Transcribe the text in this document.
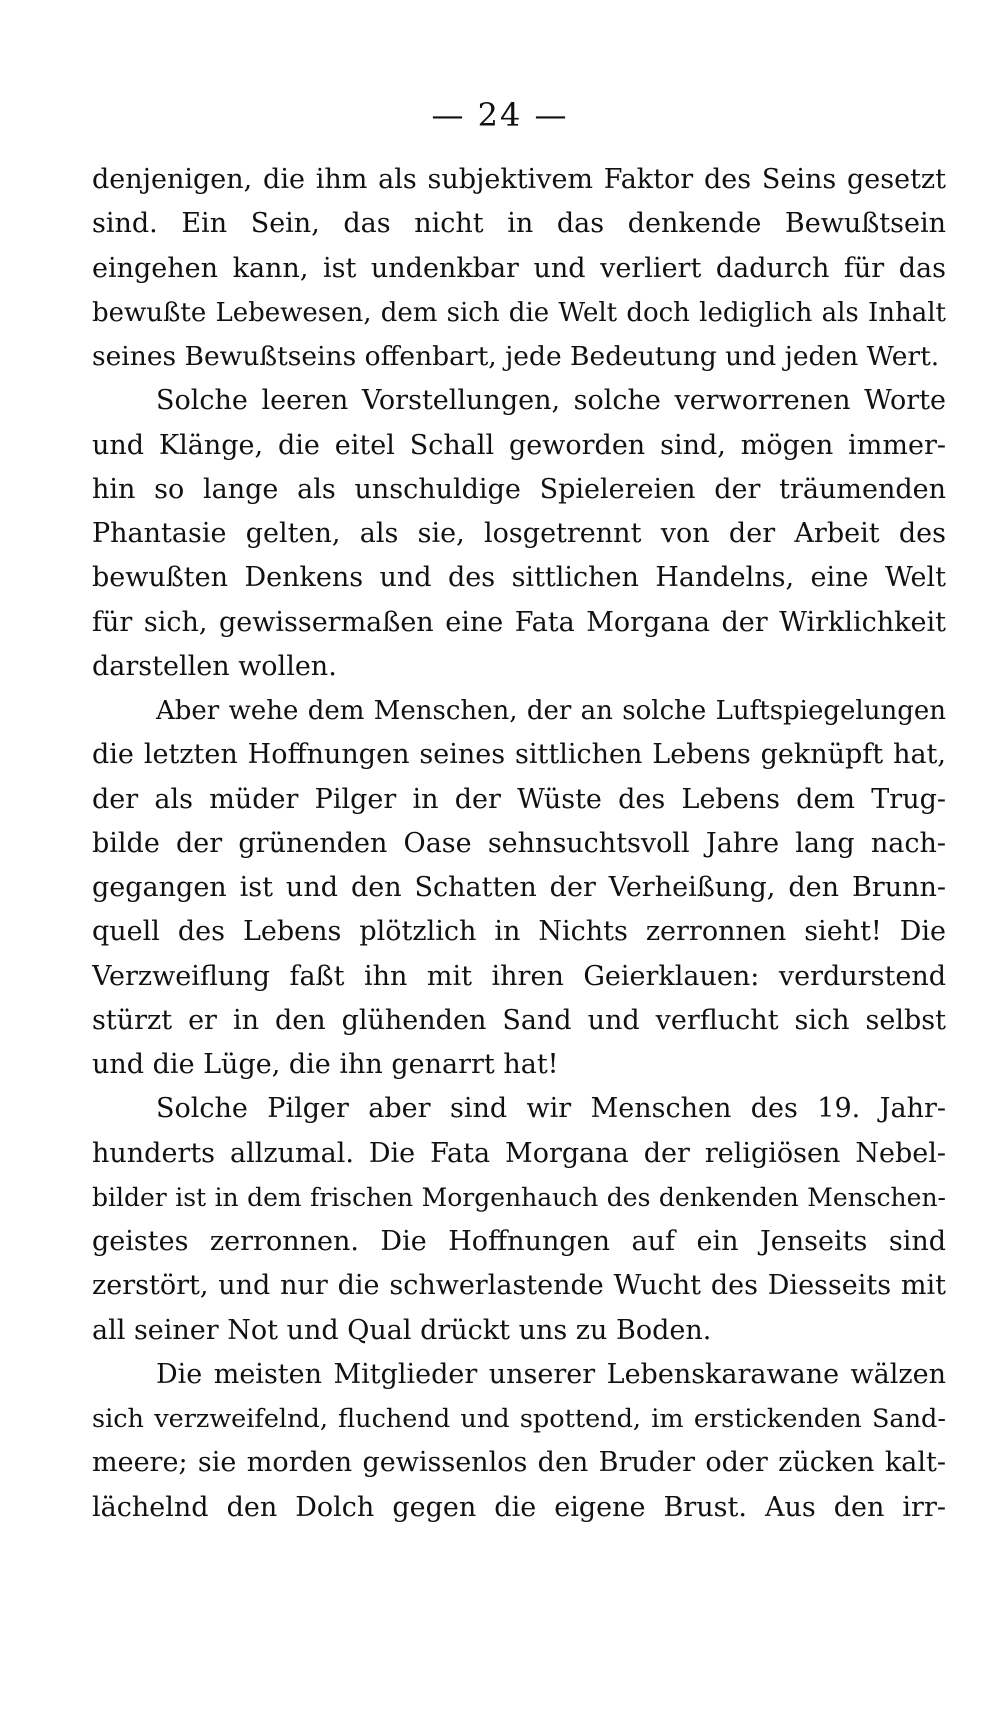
— 24 —
denjenigen, die ihm als subjektivem Faktor des Seins gesetzt
sind. Ein Sein, das nicht in das denkende Bewußtsein
eingehen kann, ist undenkbar und verliert dadurch für das
bewußte Lebewesen, dem sich die Welt doch lediglich als Inhalt
seines Bewußtseins offenbart, jede Bedeutung und jeden Wert.
Solche leeren Vorstellungen, solche verworrenen Worte
und Klänge, die eitel Schall geworden sind, mögen immer-
hin so lange als unschuldige Spielereien der träumenden
Phantasie gelten, als sie, losgetrennt von der Arbeit des
bewußten Denkens und des sittlichen Handelns, eine Welt
für sich, gewissermaßen eine Fata Morgana der Wirklichkeit
darstellen wollen.
Aber wehe dem Menschen, der an solche Luftspiegelungen
die letzten Hoffnungen seines sittlichen Lebens geknüpft hat,
der als müder Pilger in der Wüste des Lebens dem Trug-
bilde der grünenden Oase sehnsuchtsvoll Jahre lang nach-
gegangen ist und den Schatten der Verheißung, den Brunn-
quell des Lebens plötzlich in Nichts zerronnen sieht! Die
Verzweiflung faßt ihn mit ihren Geierklauen: verdurstend
stürzt er in den glühenden Sand und verflucht sich selbst
und die Lüge, die ihn genarrt hat!
Solche Pilger aber sind wir Menschen des 19. Jahr-
hunderts allzumal. Die Fata Morgana der religiösen Nebel-
bilder ist in dem frischen Morgenhauch des denkenden Menschen-
geistes zerronnen. Die Hoffnungen auf ein Jenseits sind
zerstört, und nur die schwerlastende Wucht des Diesseits mit
all seiner Not und Qual drückt uns zu Boden.
Die meisten Mitglieder unserer Lebenskarawane wälzen
sich verzweifelnd, fluchend und spottend, im erstickenden Sand-
meere; sie morden gewissenlos den Bruder oder zücken kalt-
lächelnd den Dolch gegen die eigene Brust. Aus den irr-
